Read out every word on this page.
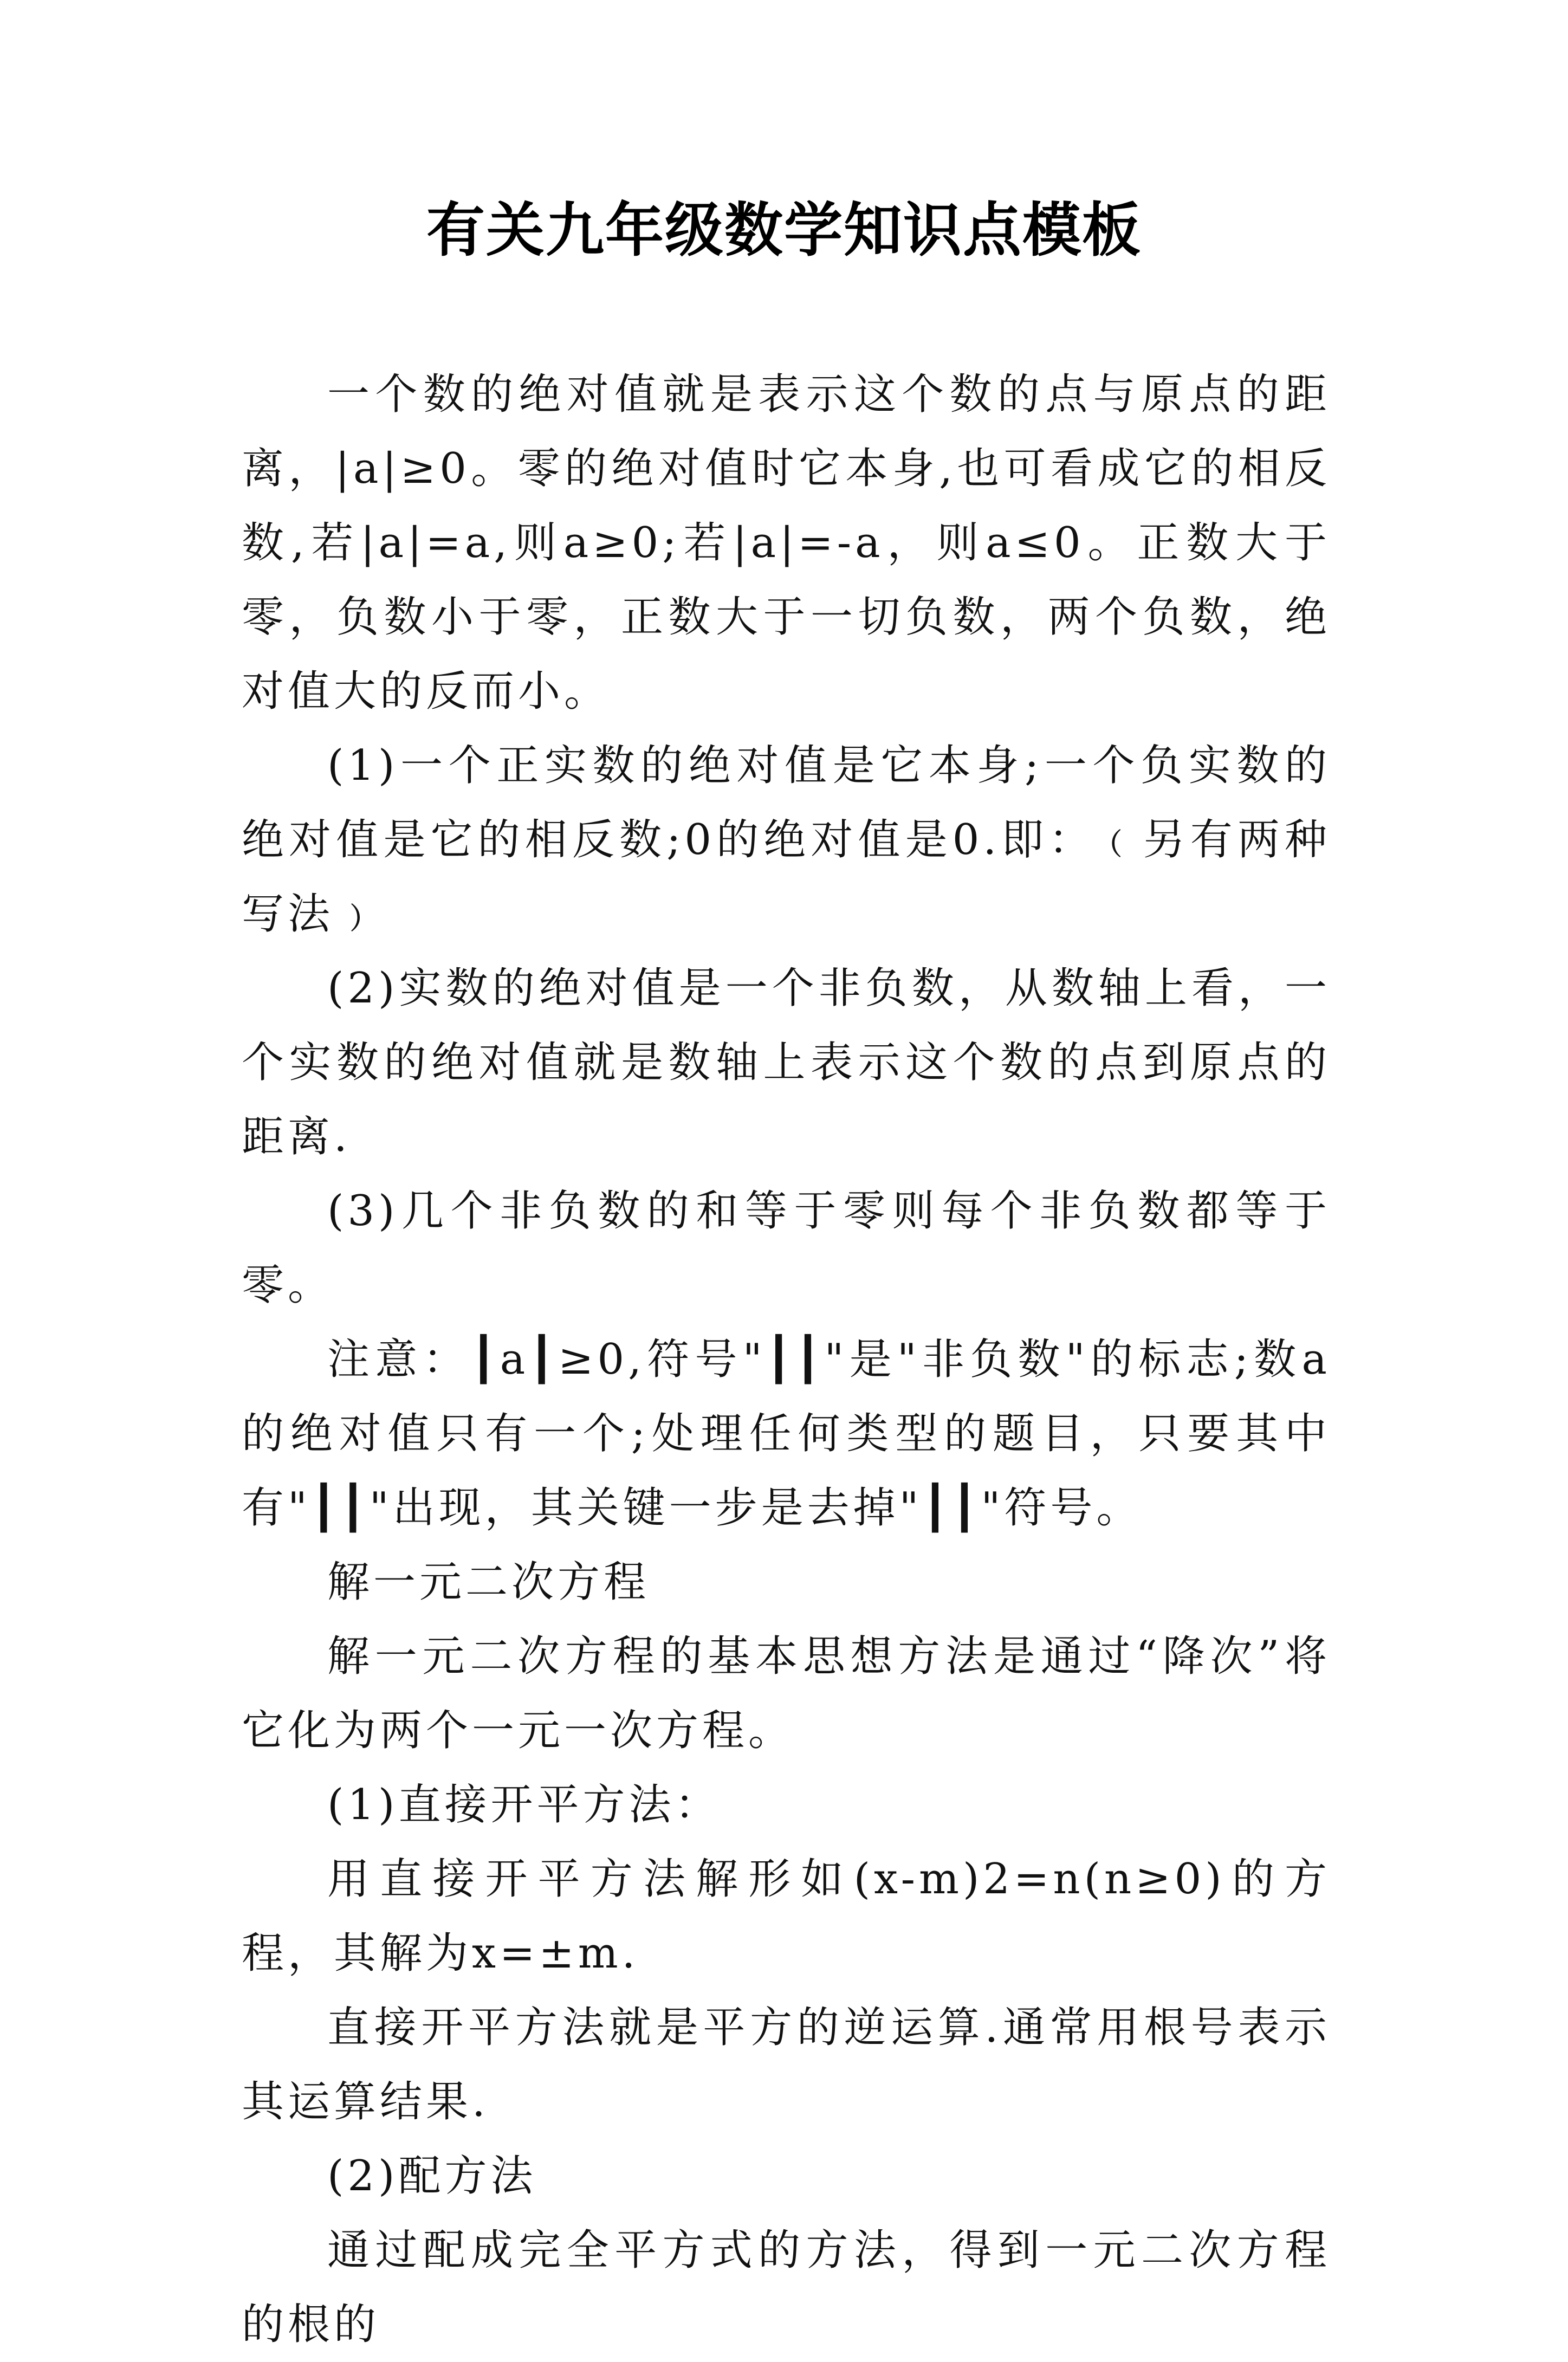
有关九年级数学知识点模板

一个数的绝对值就是表示这个数的点与原点的距离，|a|≥0。零的绝对值时它本身,也可看成它的相反数,若|a|=a,则a≥0;若|a|=-a，则a≤0。正数大于零，负数小于零，正数大于一切负数，两个负数，绝对值大的反而小。

(1)一个正实数的绝对值是它本身;一个负实数的绝对值是它的相反数;0的绝对值是0.即：﹙另有两种写法﹚

(2)实数的绝对值是一个非负数，从数轴上看，一个实数的绝对值就是数轴上表示这个数的点到原点的距离.

(3)几个非负数的和等于零则每个非负数都等于零。

注意：┃a┃≥0,符号"┃┃"是"非负数"的标志;数a的绝对值只有一个;处理任何类型的题目，只要其中有"┃┃"出现，其关键一步是去掉"┃┃"符号。

解一元二次方程

解一元二次方程的基本思想方法是通过“降次”将它化为两个一元一次方程。

(1)直接开平方法：

用直接开平方法解形如(x-m)2=n(n≥0)的方程，其解为x=±m.

直接开平方法就是平方的逆运算.通常用根号表示其运算结果.

(2)配方法

通过配成完全平方式的方法，得到一元二次方程的根的
